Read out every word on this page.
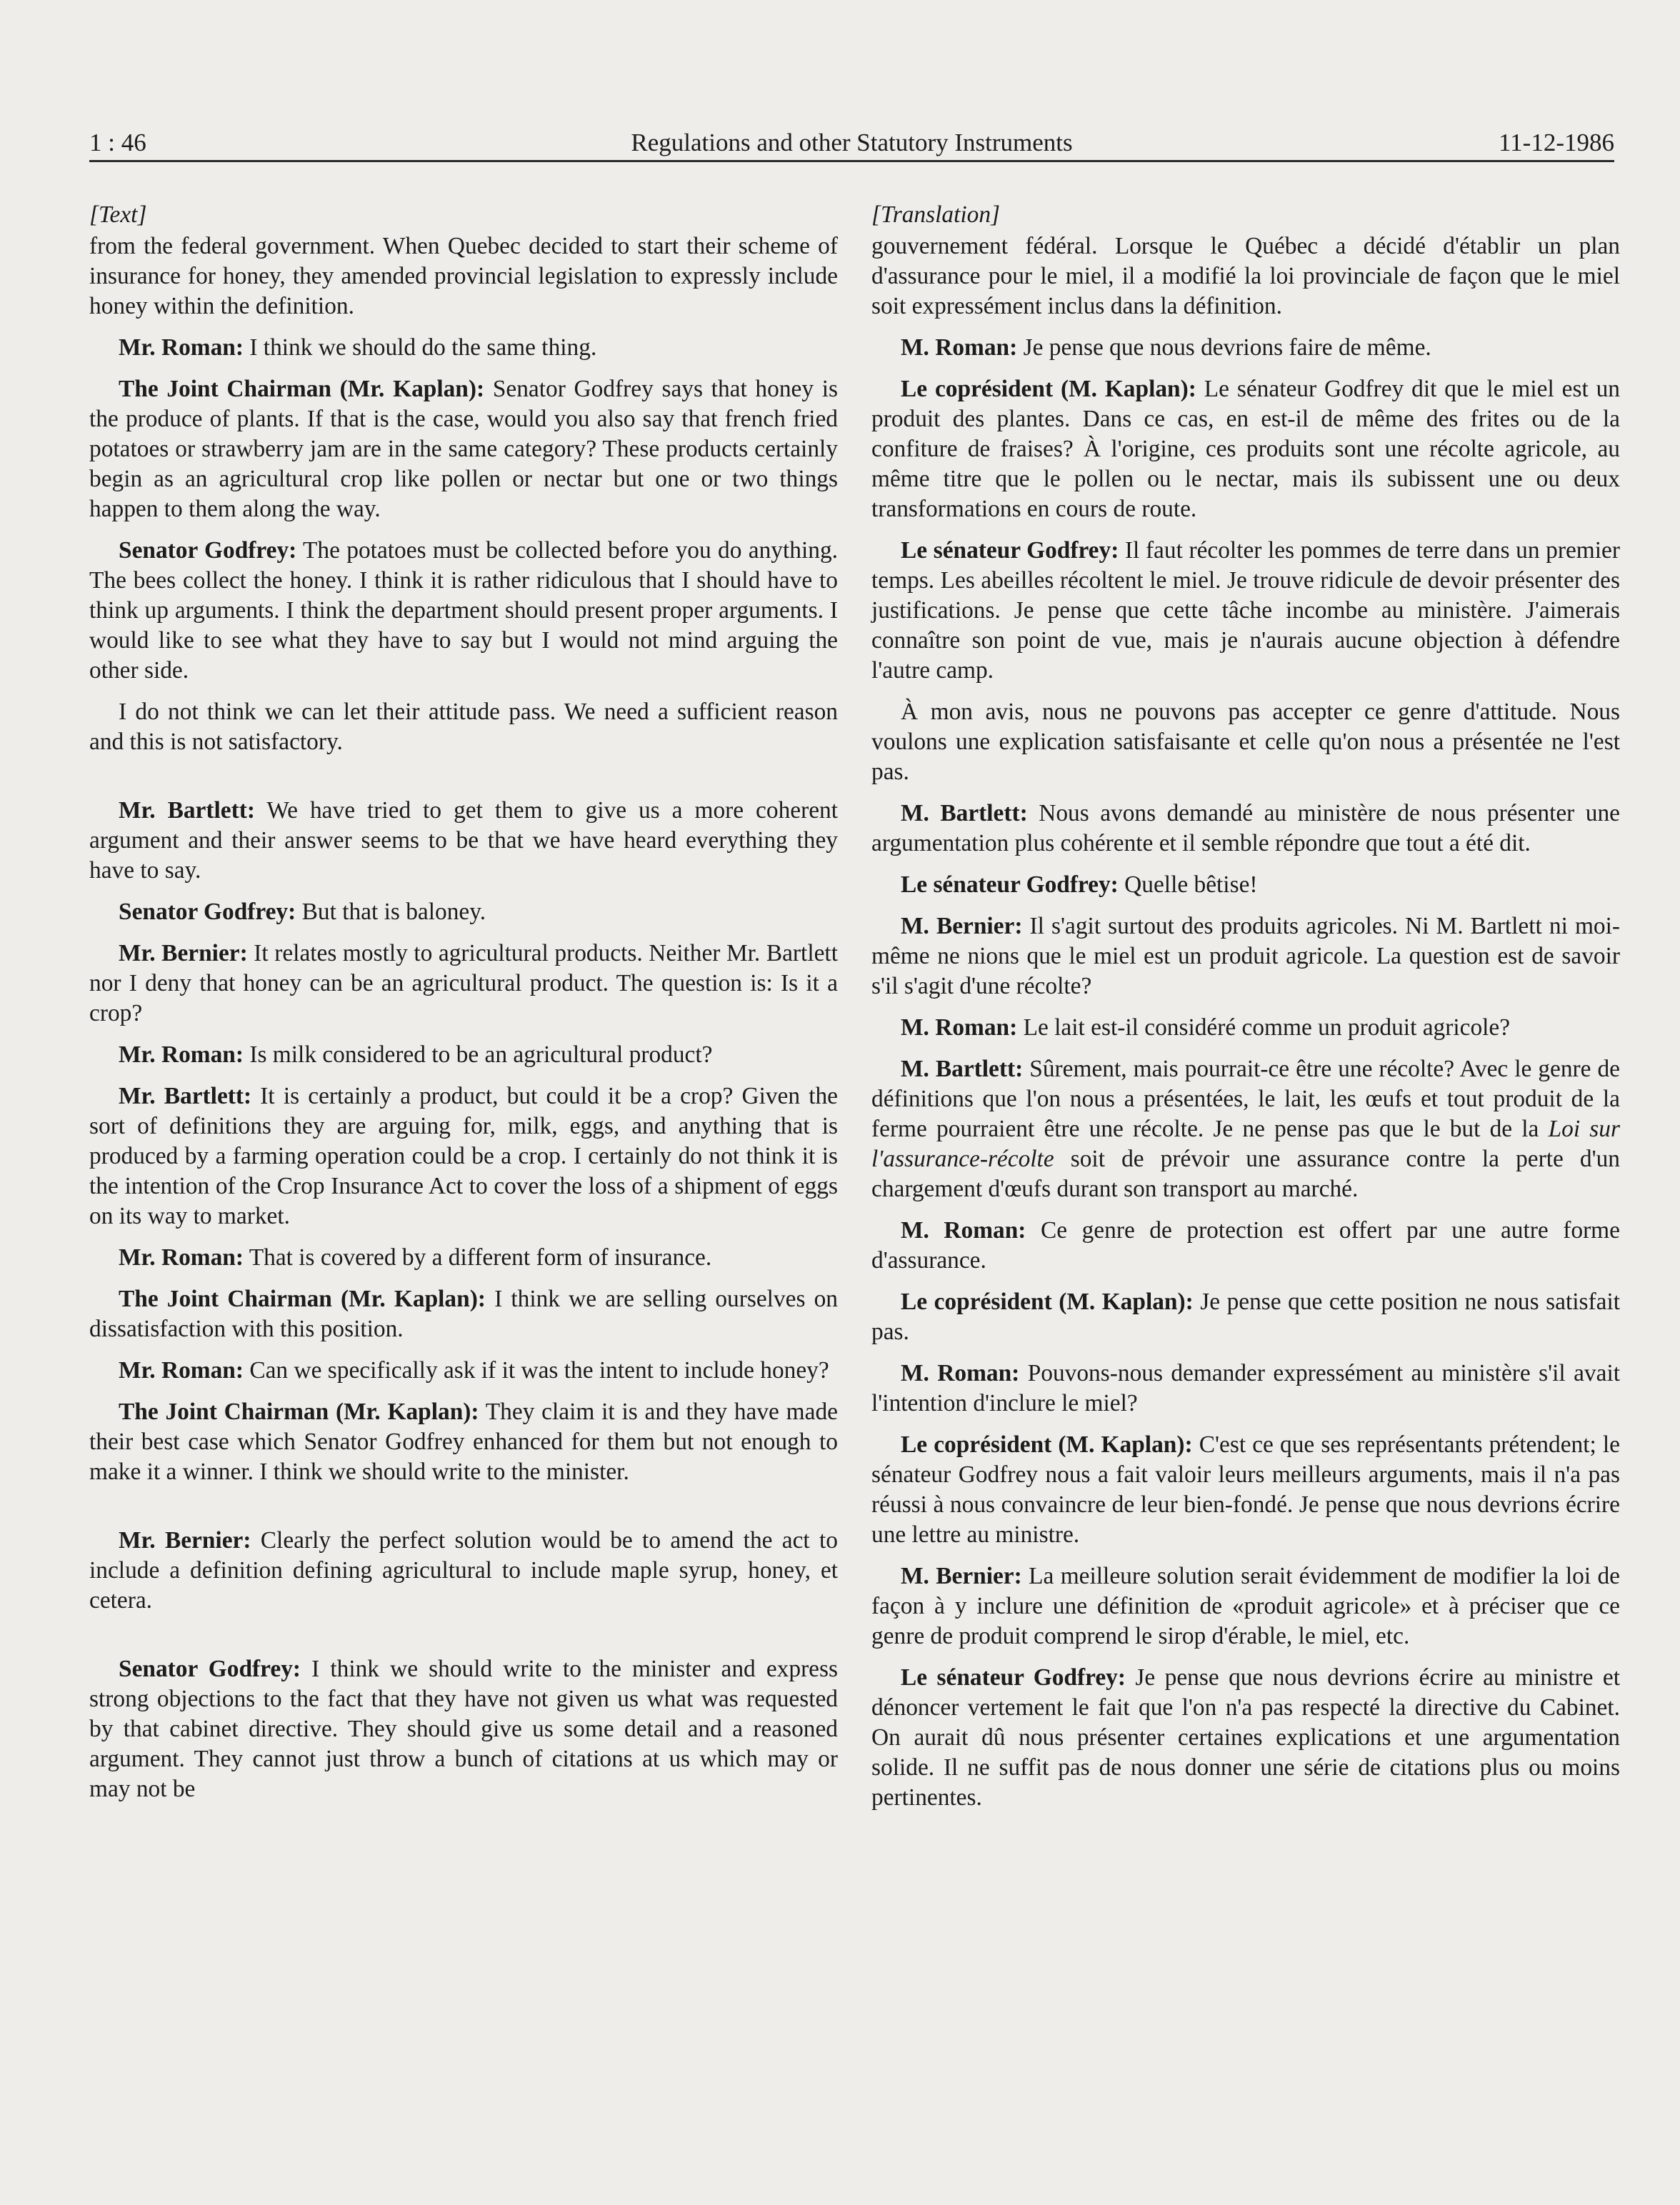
Regulations and other Statutory Instruments
1 : 46	11-12-1986
[Text]

from the federal government. When Quebec decided to start their scheme of insurance for honey, they amended provincial legislation to expressly include honey within the definition.

Mr. Roman: I think we should do the same thing.

The Joint Chairman (Mr. Kaplan): Senator Godfrey says that honey is the produce of plants. If that is the case, would you also say that french fried potatoes or strawberry jam are in the same category? These products certainly begin as an agricultural crop like pollen or nectar but one or two things happen to them along the way.

Senator Godfrey: The potatoes must be collected before you do anything. The bees collect the honey. I think it is rather ridiculous that I should have to think up arguments. I think the department should present proper arguments. I would like to see what they have to say but I would not mind arguing the other side.

I do not think we can let their attitude pass. We need a sufficient reason and this is not satisfactory.

Mr. Bartlett: We have tried to get them to give us a more coherent argument and their answer seems to be that we have heard everything they have to say.

Senator Godfrey: But that is baloney.

Mr. Bernier: It relates mostly to agricultural products. Neither Mr. Bartlett nor I deny that honey can be an agricultural product. The question is: Is it a crop?

Mr. Roman: Is milk considered to be an agricultural product?

Mr. Bartlett: It is certainly a product, but could it be a crop? Given the sort of definitions they are arguing for, milk, eggs, and anything that is produced by a farming operation could be a crop. I certainly do not think it is the intention of the Crop Insurance Act to cover the loss of a shipment of eggs on its way to market.

Mr. Roman: That is covered by a different form of insurance.

The Joint Chairman (Mr. Kaplan): I think we are selling ourselves on dissatisfaction with this position.

Mr. Roman: Can we specifically ask if it was the intent to include honey?

The Joint Chairman (Mr. Kaplan): They claim it is and they have made their best case which Senator Godfrey enhanced for them but not enough to make it a winner. I think we should write to the minister.

Mr. Bernier: Clearly the perfect solution would be to amend the act to include a definition defining agricultural to include maple syrup, honey, et cetera.

Senator Godfrey: I think we should write to the minister and express strong objections to the fact that they have not given us what was requested by that cabinet directive. They should give us some detail and a reasoned argument. They cannot just throw a bunch of citations at us which may or may not be

[Translation]

gouvernement fédéral. Lorsque le Québec a décidé d'établir un plan d'assurance pour le miel, il a modifié la loi provinciale de façon que le miel soit expressément inclus dans la définition.

M. Roman: Je pense que nous devrions faire de même.

Le coprésident (M. Kaplan): Le sénateur Godfrey dit que le miel est un produit des plantes. Dans ce cas, en est-il de même des frites ou de la confiture de fraises? À l'origine, ces produits sont une récolte agricole, au même titre que le pollen ou le nectar, mais ils subissent une ou deux transformations en cours de route.

Le sénateur Godfrey: Il faut récolter les pommes de terre dans un premier temps. Les abeilles récoltent le miel. Je trouve ridicule de devoir présenter des justifications. Je pense que cette tâche incombe au ministère. J'aimerais connaître son point de vue, mais je n'aurais aucune objection à défendre l'autre camp.

À mon avis, nous ne pouvons pas accepter ce genre d'attitude. Nous voulons une explication satisfaisante et celle qu'on nous a présentée ne l'est pas.

M. Bartlett: Nous avons demandé au ministère de nous présenter une argumentation plus cohérente et il semble répondre que tout a été dit.

Le sénateur Godfrey: Quelle bêtise!

M. Bernier: Il s'agit surtout des produits agricoles. Ni M. Bartlett ni moi-même ne nions que le miel est un produit agricole. La question est de savoir s'il s'agit d'une récolte?

M. Roman: Le lait est-il considéré comme un produit agricole?

M. Bartlett: Sûrement, mais pourrait-ce être une récolte? Avec le genre de définitions que l'on nous a présentées, le lait, les œufs et tout produit de la ferme pourraient être une récolte. Je ne pense pas que le but de la Loi sur l'assurance-récolte soit de prévoir une assurance contre la perte d'un chargement d'œufs durant son transport au marché.

M. Roman: Ce genre de protection est offert par une autre forme d'assurance.

Le coprésident (M. Kaplan): Je pense que cette position ne nous satisfait pas.

M. Roman: Pouvons-nous demander expressément au ministère s'il avait l'intention d'inclure le miel?

Le coprésident (M. Kaplan): C'est ce que ses représentants prétendent; le sénateur Godfrey nous a fait valoir leurs meilleurs arguments, mais il n'a pas réussi à nous convaincre de leur bien-fondé. Je pense que nous devrions écrire une lettre au ministre.

M. Bernier: La meilleure solution serait évidemment de modifier la loi de façon à y inclure une définition de «produit agricole» et à préciser que ce genre de produit comprend le sirop d'érable, le miel, etc.

Le sénateur Godfrey: Je pense que nous devrions écrire au ministre et dénoncer vertement le fait que l'on n'a pas respecté la directive du Cabinet. On aurait dû nous présenter certaines explications et une argumentation solide. Il ne suffit pas de nous donner une série de citations plus ou moins pertinentes.
